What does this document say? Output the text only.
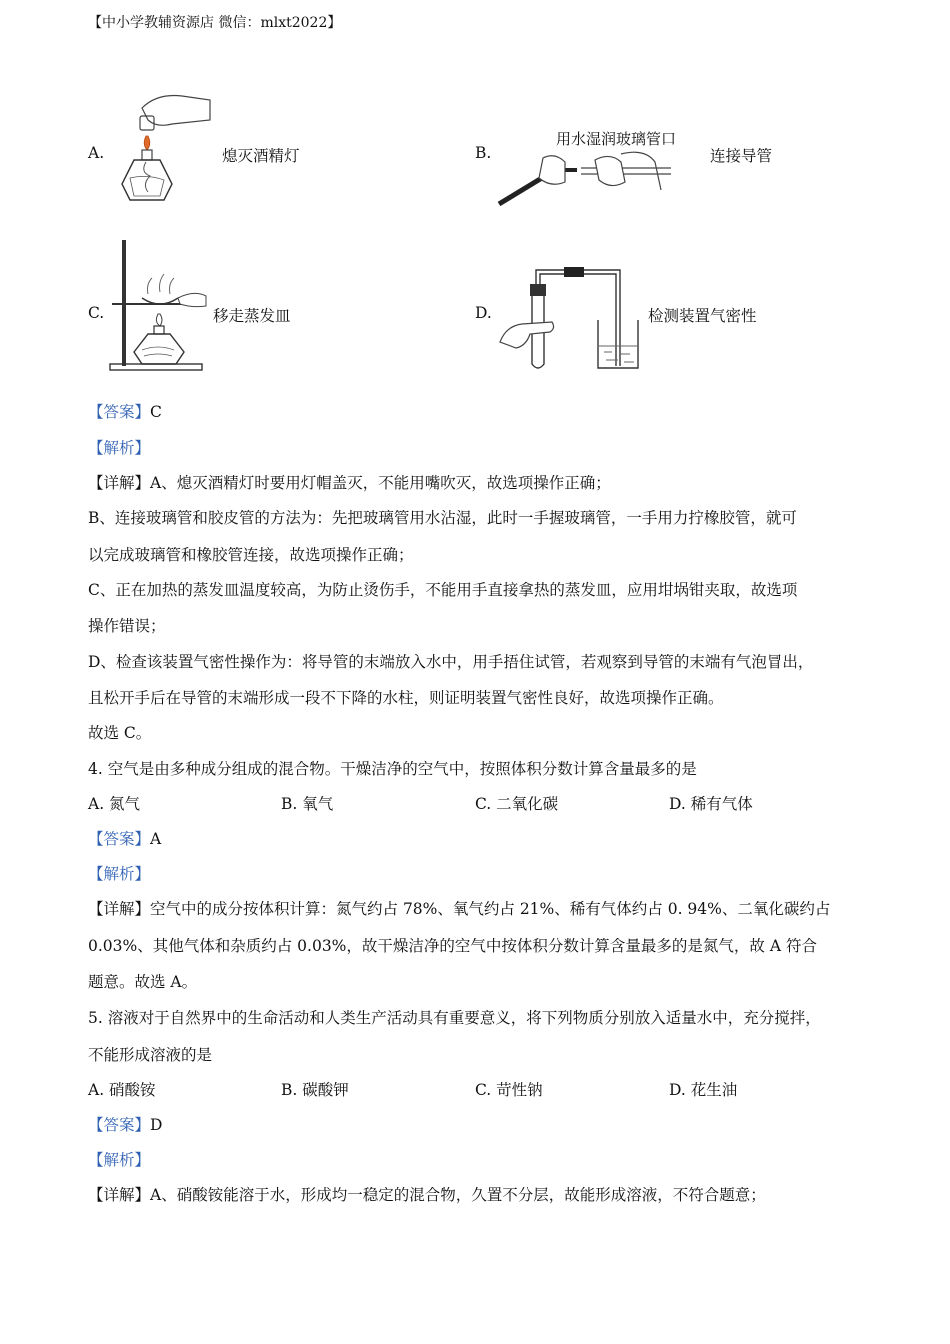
【中小学教辅资源店 微信：mlxt2022】
A.	熄灭酒精灯	B.
用水湿润玻璃管口
连接导管
C.	移走蒸发皿	D.	检测装置气密性
【答案】C
【解析】
【详解】A、熄灭酒精灯时要用灯帽盖灭，不能用嘴吹灭，故选项操作正确；
B、连接玻璃管和胶皮管的方法为：先把玻璃管用水沾湿，此时一手握玻璃管，一手用力拧橡胶管，就可
以完成玻璃管和橡胶管连接，故选项操作正确；
C、正在加热的蒸发皿温度较高，为防止烫伤手，不能用手直接拿热的蒸发皿，应用坩埚钳夹取，故选项
操作错误；
D、检查该装置气密性操作为：将导管的末端放入水中，用手捂住试管，若观察到导管的末端有气泡冒出，
且松开手后在导管的末端形成一段不下降的水柱，则证明装置气密性良好，故选项操作正确。
故选 C。
4. 空气是由多种成分组成的混合物。干燥洁净的空气中，按照体积分数计算含量最多的是
A. 氮气	B. 氧气	C. 二氧化碳	D. 稀有气体
【答案】A
【解析】
【详解】空气中的成分按体积计算：氮气约占 78%、氧气约占 21%、稀有气体约占 0. 94%、二氧化碳约占
0.03%、其他气体和杂质约占 0.03%，故干燥洁净的空气中按体积分数计算含量最多的是氮气，故 A 符合
题意。故选 A。
5. 溶液对于自然界中的生命活动和人类生产活动具有重要意义，将下列物质分别放入适量水中，充分搅拌，
不能形成溶液的是
A. 硝酸铵	B. 碳酸钾	C. 苛性钠	D. 花生油
【答案】D
【解析】
【详解】A、硝酸铵能溶于水，形成均一稳定的混合物，久置不分层，故能形成溶液，不符合题意；
